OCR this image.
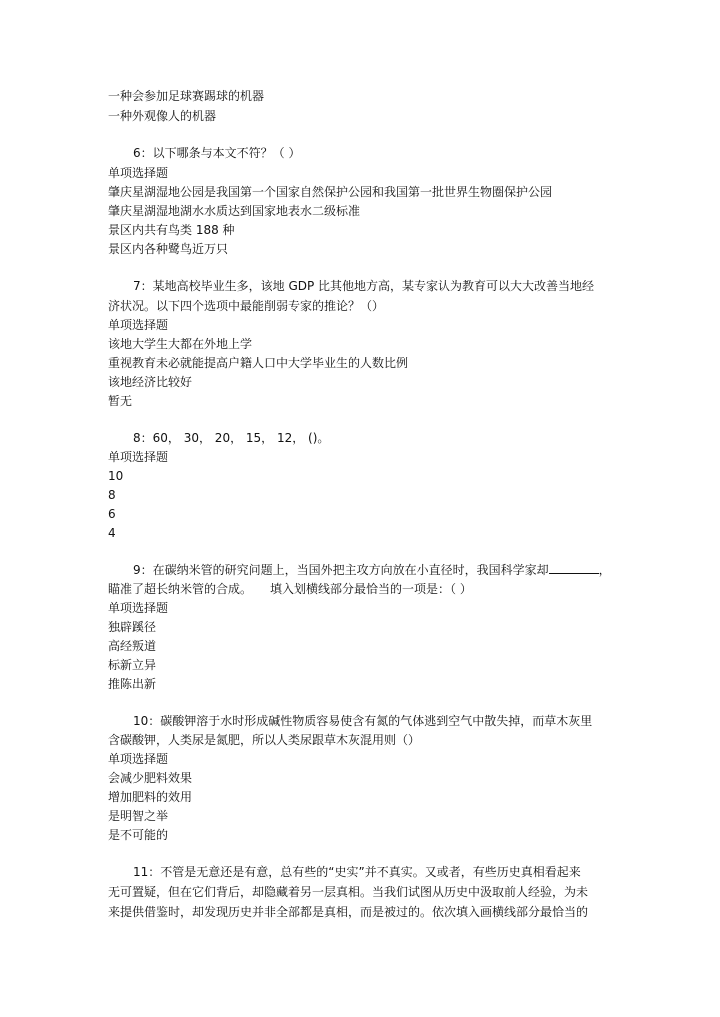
一种会参加足球赛踢球的机器
一种外观像人的机器
6：以下哪条与本文不符？（ ）
单项选择题
肇庆星湖湿地公园是我国第一个国家自然保护公园和我国第一批世界生物圈保护公园
肇庆星湖湿地湖水水质达到国家地表水二级标准
景区内共有鸟类 188 种
景区内各种鹭鸟近万只
7：某地高校毕业生多，该地 GDP 比其他地方高，某专家认为教育可以大大改善当地经
济状况。以下四个选项中最能削弱专家的推论？（）
单项选择题
该地大学生大都在外地上学
重视教育未必就能提高户籍人口中大学毕业生的人数比例
该地经济比较好
暂无
8：60， 30， 20， 15， 12， ()。
单项选择题
10
8
6
4
9：在碳纳米管的研究问题上，当国外把主攻方向放在小直径时，我国科学家却	，
瞄准了超长纳米管的合成。 填入划横线部分最恰当的一项是：（ ）
单项选择题
独辟蹊径
高经叛道
标新立异
推陈出新
10：碳酸钾溶于水时形成碱性物质容易使含有氮的气体逃到空气中散失掉，而草木灰里
含碳酸钾，人类尿是氮肥，所以人类尿跟草木灰混用则（）
单项选择题
会减少肥料效果
增加肥料的效用
是明智之举
是不可能的
11：不管是无意还是有意，总有些的“史实”并不真实。又或者，有些历史真相看起来
无可置疑，但在它们背后，却隐藏着另一层真相。当我们试图从历史中汲取前人经验，为未
来提供借鉴时，却发现历史并非全部都是真相，而是被过的。依次填入画横线部分最恰当的
